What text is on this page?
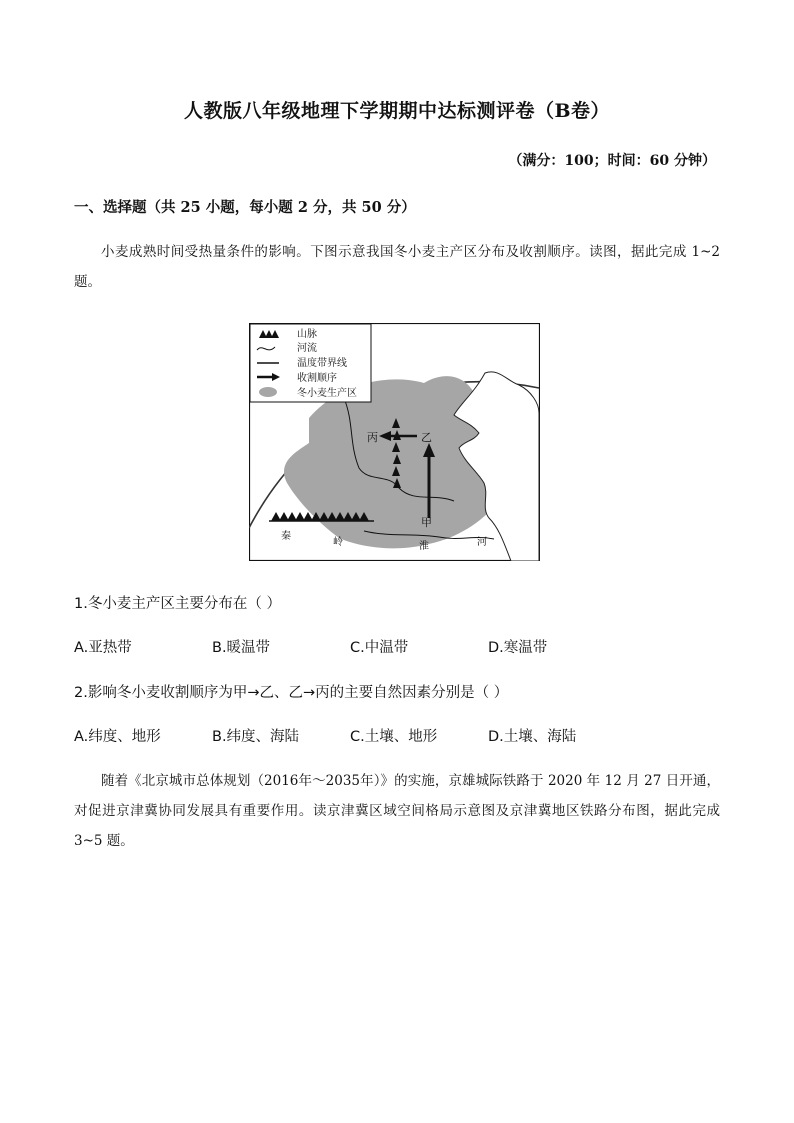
人教版八年级地理下学期期中达标测评卷（B卷）
（满分：100；时间：60 分钟）
一、选择题（共 25 小题，每小题 2 分，共 50 分）
小麦成熟时间受热量条件的影响。下图示意我国冬小麦主产区分布及收割顺序。读图，据此完成 1~2 题。
丙	乙
甲
秦
岭	淮	河
山脉
河流
温度带界线
收割顺序
冬小麦生产区
1.冬小麦主产区主要分布在（ ）
A.亚热带	B.暖温带	C.中温带	D.寒温带
2.影响冬小麦收割顺序为甲→乙、乙→丙的主要自然因素分别是（ ）
A.纬度、地形	B.纬度、海陆	C.土壤、地形	D.土壤、海陆
随着《北京城市总体规划（2016年～2035年）》的实施，京雄城际铁路于 2020 年 12 月 27 日开通，对促进京津冀协同发展具有重要作用。读京津冀区域空间格局示意图及京津冀地区铁路分布图，据此完成 3~5 题。
